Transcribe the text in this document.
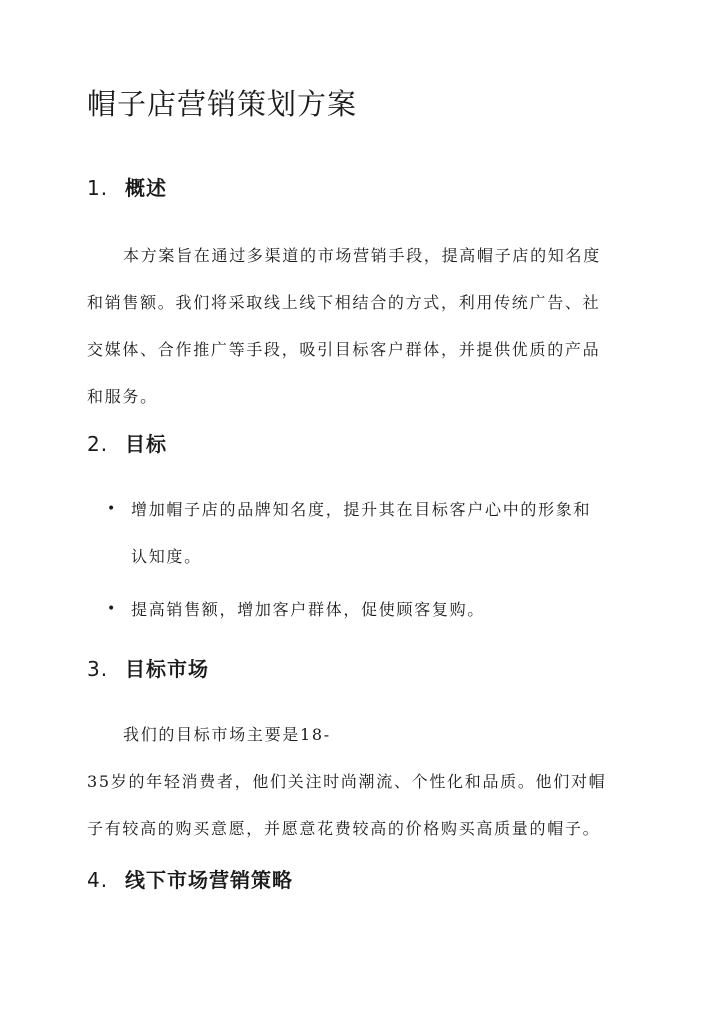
帽子店营销策划方案
1. 概述
本方案旨在通过多渠道的市场营销手段，提高帽子店的知名度
和销售额。我们将采取线上线下相结合的方式，利用传统广告、社
交媒体、合作推广等手段，吸引目标客户群体，并提供优质的产品
和服务。
2. 目标
• 增加帽子店的品牌知名度，提升其在目标客户心中的形象和
认知度。
• 提高销售额，增加客户群体，促使顾客复购。
3. 目标市场
我们的目标市场主要是18-
35岁的年轻消费者，他们关注时尚潮流、个性化和品质。他们对帽
子有较高的购买意愿，并愿意花费较高的价格购买高质量的帽子。
4. 线下市场营销策略
